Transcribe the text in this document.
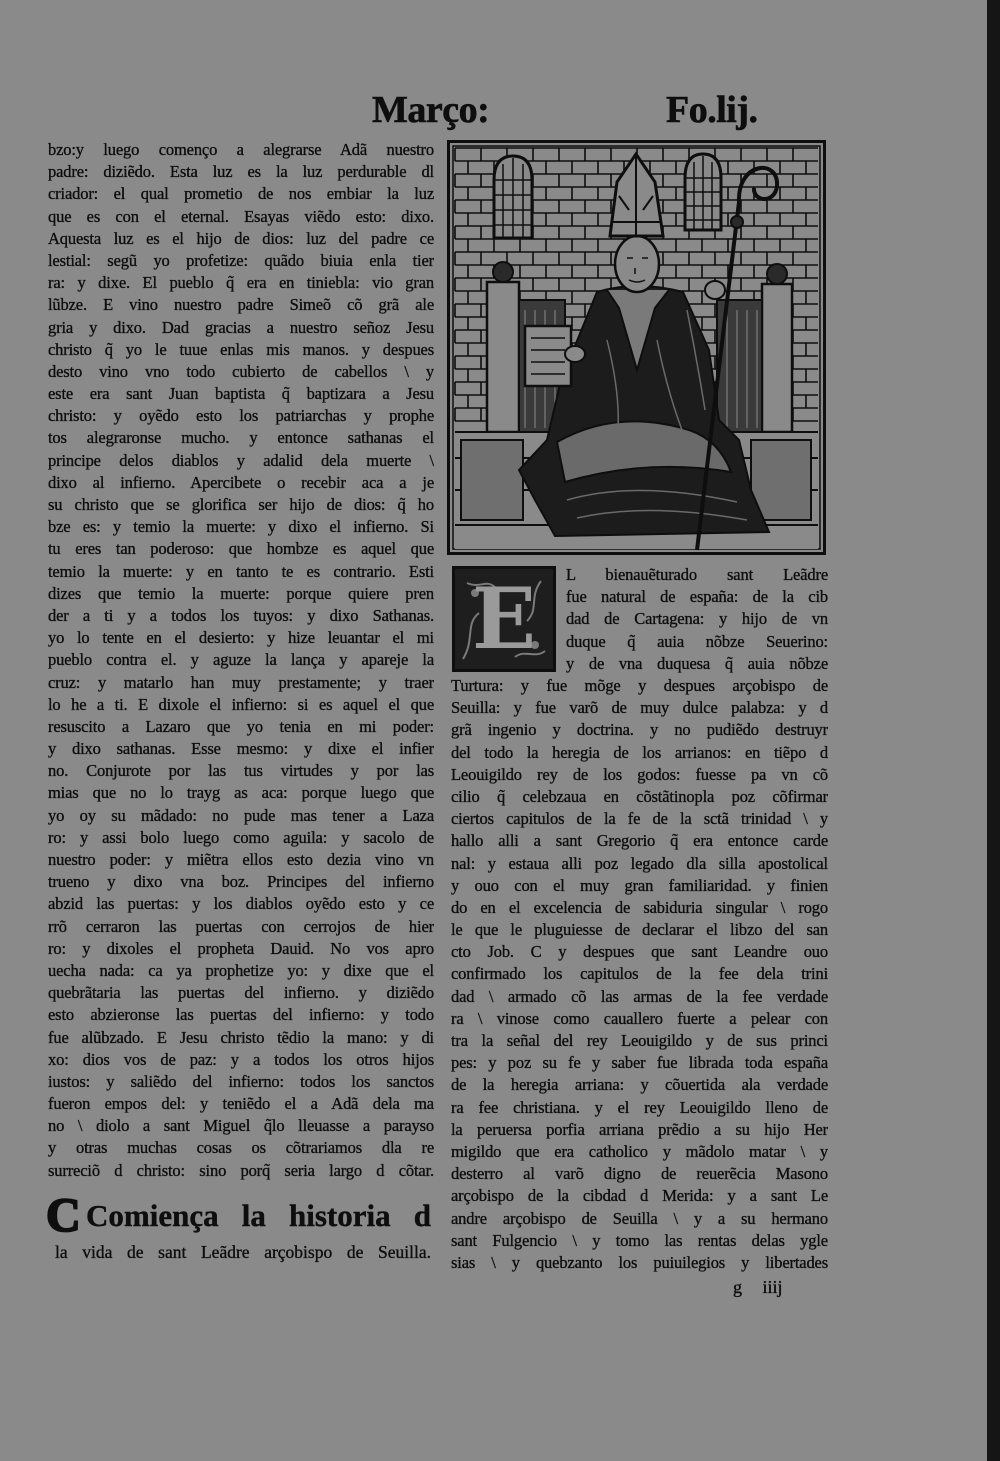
Março:	Fo.lij.
bzo:y luego començo a alegrarse Adã nuestro
padre: diziẽdo. Esta luz es la luz perdurable dl
criador: el qual prometio de nos embiar la luz
que es con el eternal. Esayas viẽdo esto: dixo.
Aquesta luz es el hijo de dios: luz del padre ce
lestial: segũ yo profetize: quãdo biuia enla tier
ra: y dixe. El pueblo q̃ era en tiniebla: vio gran
lũbze. E vino nuestro padre Simeõ cõ grã ale
gria y dixo. Dad gracias a nuestro señoz Jesu
christo q̃ yo le tuue enlas mis manos. y despues
desto vino vno todo cubierto de cabellos \ y
este era sant Juan baptista q̃ baptizara a Jesu
christo: y oyẽdo esto los patriarchas y prophe
tos alegraronse mucho. y entonce sathanas el
principe delos diablos y adalid dela muerte \
dixo al infierno. Apercibete o recebir aca a je
su christo que se glorifica ser hijo de dios: q̃ ho
bze es: y temio la muerte: y dixo el infierno. Si
tu eres tan poderoso: que hombze es aquel que
temio la muerte: y en tanto te es contrario. Esti
dizes que temio la muerte: porque quiere pren
der a ti y a todos los tuyos: y dixo Sathanas.
yo lo tente en el desierto: y hize leuantar el mi
pueblo contra el. y aguze la lança y apareje la
cruz: y matarlo han muy prestamente; y traer
lo he a ti. E dixole el infierno: si es aquel el que
resuscito a Lazaro que yo tenia en mi poder:
y dixo sathanas. Esse mesmo: y dixe el infier
no. Conjurote por las tus virtudes y por las
mias que no lo trayg as aca: porque luego que
yo oy su mãdado: no pude mas tener a Laza
ro: y assi bolo luego como aguila: y sacolo de
nuestro poder: y miẽtra ellos esto dezia vino vn
trueno y dixo vna boz. Principes del infierno
abzid las puertas: y los diablos oyẽdo esto y ce
rrõ cerraron las puertas con cerrojos de hier
ro: y dixoles el propheta Dauid. No vos apro
uecha nada: ca ya prophetize yo: y dixe que el
quebrãtaria las puertas del infierno. y diziẽdo
esto abzieronse las puertas del infierno: y todo
fue alũbzado. E Jesu christo tẽdio la mano: y di
xo: dios vos de paz: y a todos los otros hijos
iustos: y saliẽdo del infierno: todos los sanctos
fueron empos del: y teniẽdo el a Adã dela ma
no \ diolo a sant Miguel q̃lo lleuasse a parayso
y otras muchas cosas os cõtrariamos dla re
surreciõ d christo: sino porq̃ seria largo d cõtar.
E	L bienauẽturado sant Leãdre
fue natural de españa: de la cib
dad de Cartagena: y hijo de vn
duque q̃ auia nõbze Seuerino:
y de vna duquesa q̃ auia nõbze
Turtura: y fue mõge y despues arçobispo de
Seuilla: y fue varõ de muy dulce palabza: y d
grã ingenio y doctrina. y no pudiẽdo destruyr
del todo la heregia de los arrianos: en tiẽpo d
Leouigildo rey de los godos: fuesse pa vn cõ
cilio q̃ celebzaua en cõstãtinopla poz cõfirmar
ciertos capitulos de la fe de la sctã trinidad \ y
hallo alli a sant Gregorio q̃ era entonce carde
nal: y estaua alli poz legado dla silla apostolical
y ouo con el muy gran familiaridad. y finien
do en el excelencia de sabiduria singular \ rogo
le que le pluguiesse de declarar el libzo del san
cto Job. C y despues que sant Leandre ouo
confirmado los capitulos de la fee dela trini
dad \ armado cõ las armas de la fee verdade
ra \ vinose como cauallero fuerte a pelear con
tra la señal del rey Leouigildo y de sus princi
pes: y poz su fe y saber fue librada toda españa
de la heregia arriana: y cõuertida ala verdade
ra fee christiana. y el rey Leouigildo lleno de
la peruersa porfia arriana prẽdio a su hijo Her
migildo que era catholico y mãdolo matar \ y
desterro al varõ digno de reuerẽcia Masono
arçobispo de la cibdad d Merida: y a sant Le
andre arçobispo de Seuilla \ y a su hermano
sant Fulgencio \ y tomo las rentas delas ygle
sias \ y quebzanto los puiuilegios y libertades
C Comiença la historia d
la vida de sant Leãdre arçobispo de Seuilla.
g iiij
